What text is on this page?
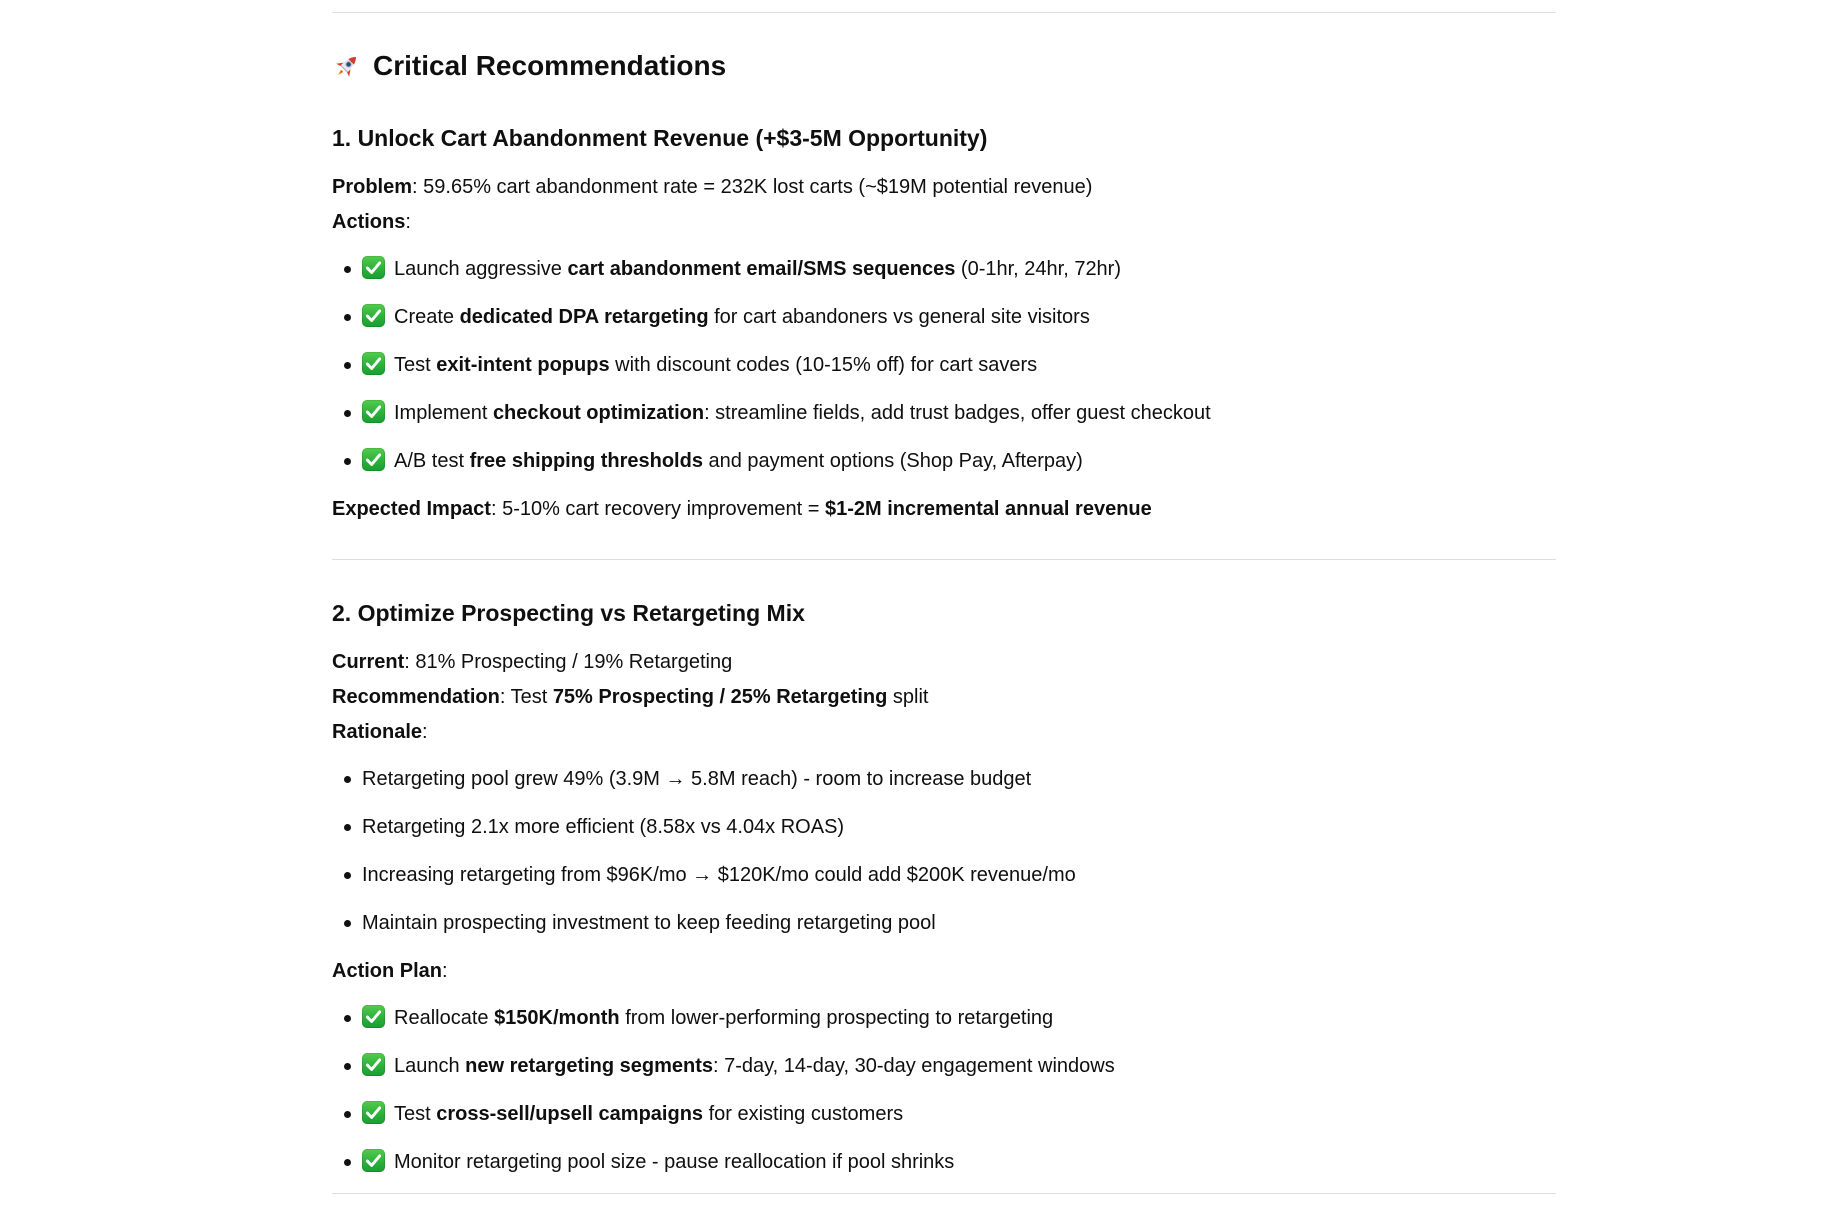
Critical Recommendations
1. Unlock Cart Abandonment Revenue (+$3-5M Opportunity)

Problem: 59.65% cart abandonment rate = 232K lost carts (~$19M potential revenue)
Actions:

Launch aggressive cart abandonment email/SMS sequences (0-1hr, 24hr, 72hr)
Create dedicated DPA retargeting for cart abandoners vs general site visitors
Test exit-intent popups with discount codes (10-15% off) for cart savers
Implement checkout optimization: streamline fields, add trust badges, offer guest checkout
A/B test free shipping thresholds and payment options (Shop Pay, Afterpay)

Expected Impact: 5-10% cart recovery improvement = $1-2M incremental annual revenue

2. Optimize Prospecting vs Retargeting Mix

Current: 81% Prospecting / 19% Retargeting
Recommendation: Test 75% Prospecting / 25% Retargeting split
Rationale:

Retargeting pool grew 49% (3.9M → 5.8M reach) - room to increase budget
Retargeting 2.1x more efficient (8.58x vs 4.04x ROAS)
Increasing retargeting from $96K/mo → $120K/mo could add $200K revenue/mo
Maintain prospecting investment to keep feeding retargeting pool

Action Plan:

Reallocate $150K/month from lower-performing prospecting to retargeting
Launch new retargeting segments: 7-day, 14-day, 30-day engagement windows
Test cross-sell/upsell campaigns for existing customers
Monitor retargeting pool size - pause reallocation if pool shrinks
